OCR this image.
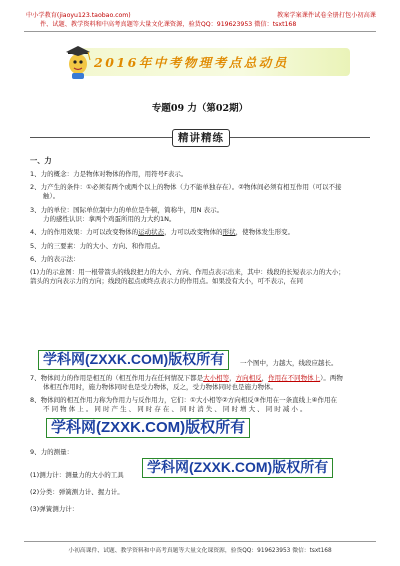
中小学教育(jiaoyu123.taobao.com)	教案学案课件试卷全册打包小初高课
件、试题、教学资料和中高考真题等大量文化课资源，验货QQ：919623953 微信：tsxt168
2016年中考物理考点总动员
专题09 力（第02期）
精讲精练
一、力
1、力的概念：力是物体对物体的作用，用符号F表示。
2、力产生的条件：①必须有两个或两个以上的物体（力不能单独存在）。②物体间必须有相互作用（可以不接
触）。
3、力的单位：国际单位制中力的单位是牛顿，简称牛，用N 表示。
力的感性认识：拿两个鸡蛋所用的力大约1N。
4、力的作用效果：力可以改变物体的运动状态，力可以改变物体的形状，使物体发生形变。
5、力的三要素：力的大小、方向、和作用点。
6、力的表示法：
(1)力的示意图：用一根带箭头的线段把力的大小、方向、作用点表示出来，其中：线段的长短表示力的大小；
箭头的方向表示力的方向；线段的起点或终点表示力的作用点。如果没有大小，可不表示，在同
学科网(ZXXK.COM)版权所有	一个图中，力越大，线段应越长。
7、物体间力的作用是相互的（相互作用力在任何情况下都是大小相等，方向相反，作用在不同物体上）。两物
体相互作用时，施力物体同时也是受力物体，反之，受力物体同时也是施力物体。
8、物体间的相互作用力称为作用力与反作用力，它们：①大小相等②方向相反③作用在一条直线上④作用在
不 同 物 体 上 。 同 时 产 生 、 同 时 存 在 、 同 时 消 失 、 同 时 增 大 、 同 时 减 小 。
学科网(ZXXK.COM)版权所有
9、力的测量：
(1)测力计：测量力的大小的工具
(2)分类：弹簧测力计、握力计。
(3)弹簧测力计：
学科网(ZXXK.COM)版权所有
小初高课件、试题、教学资料和中高考真题等大量文化课资源，验货QQ：919623953 微信：tsxt168
